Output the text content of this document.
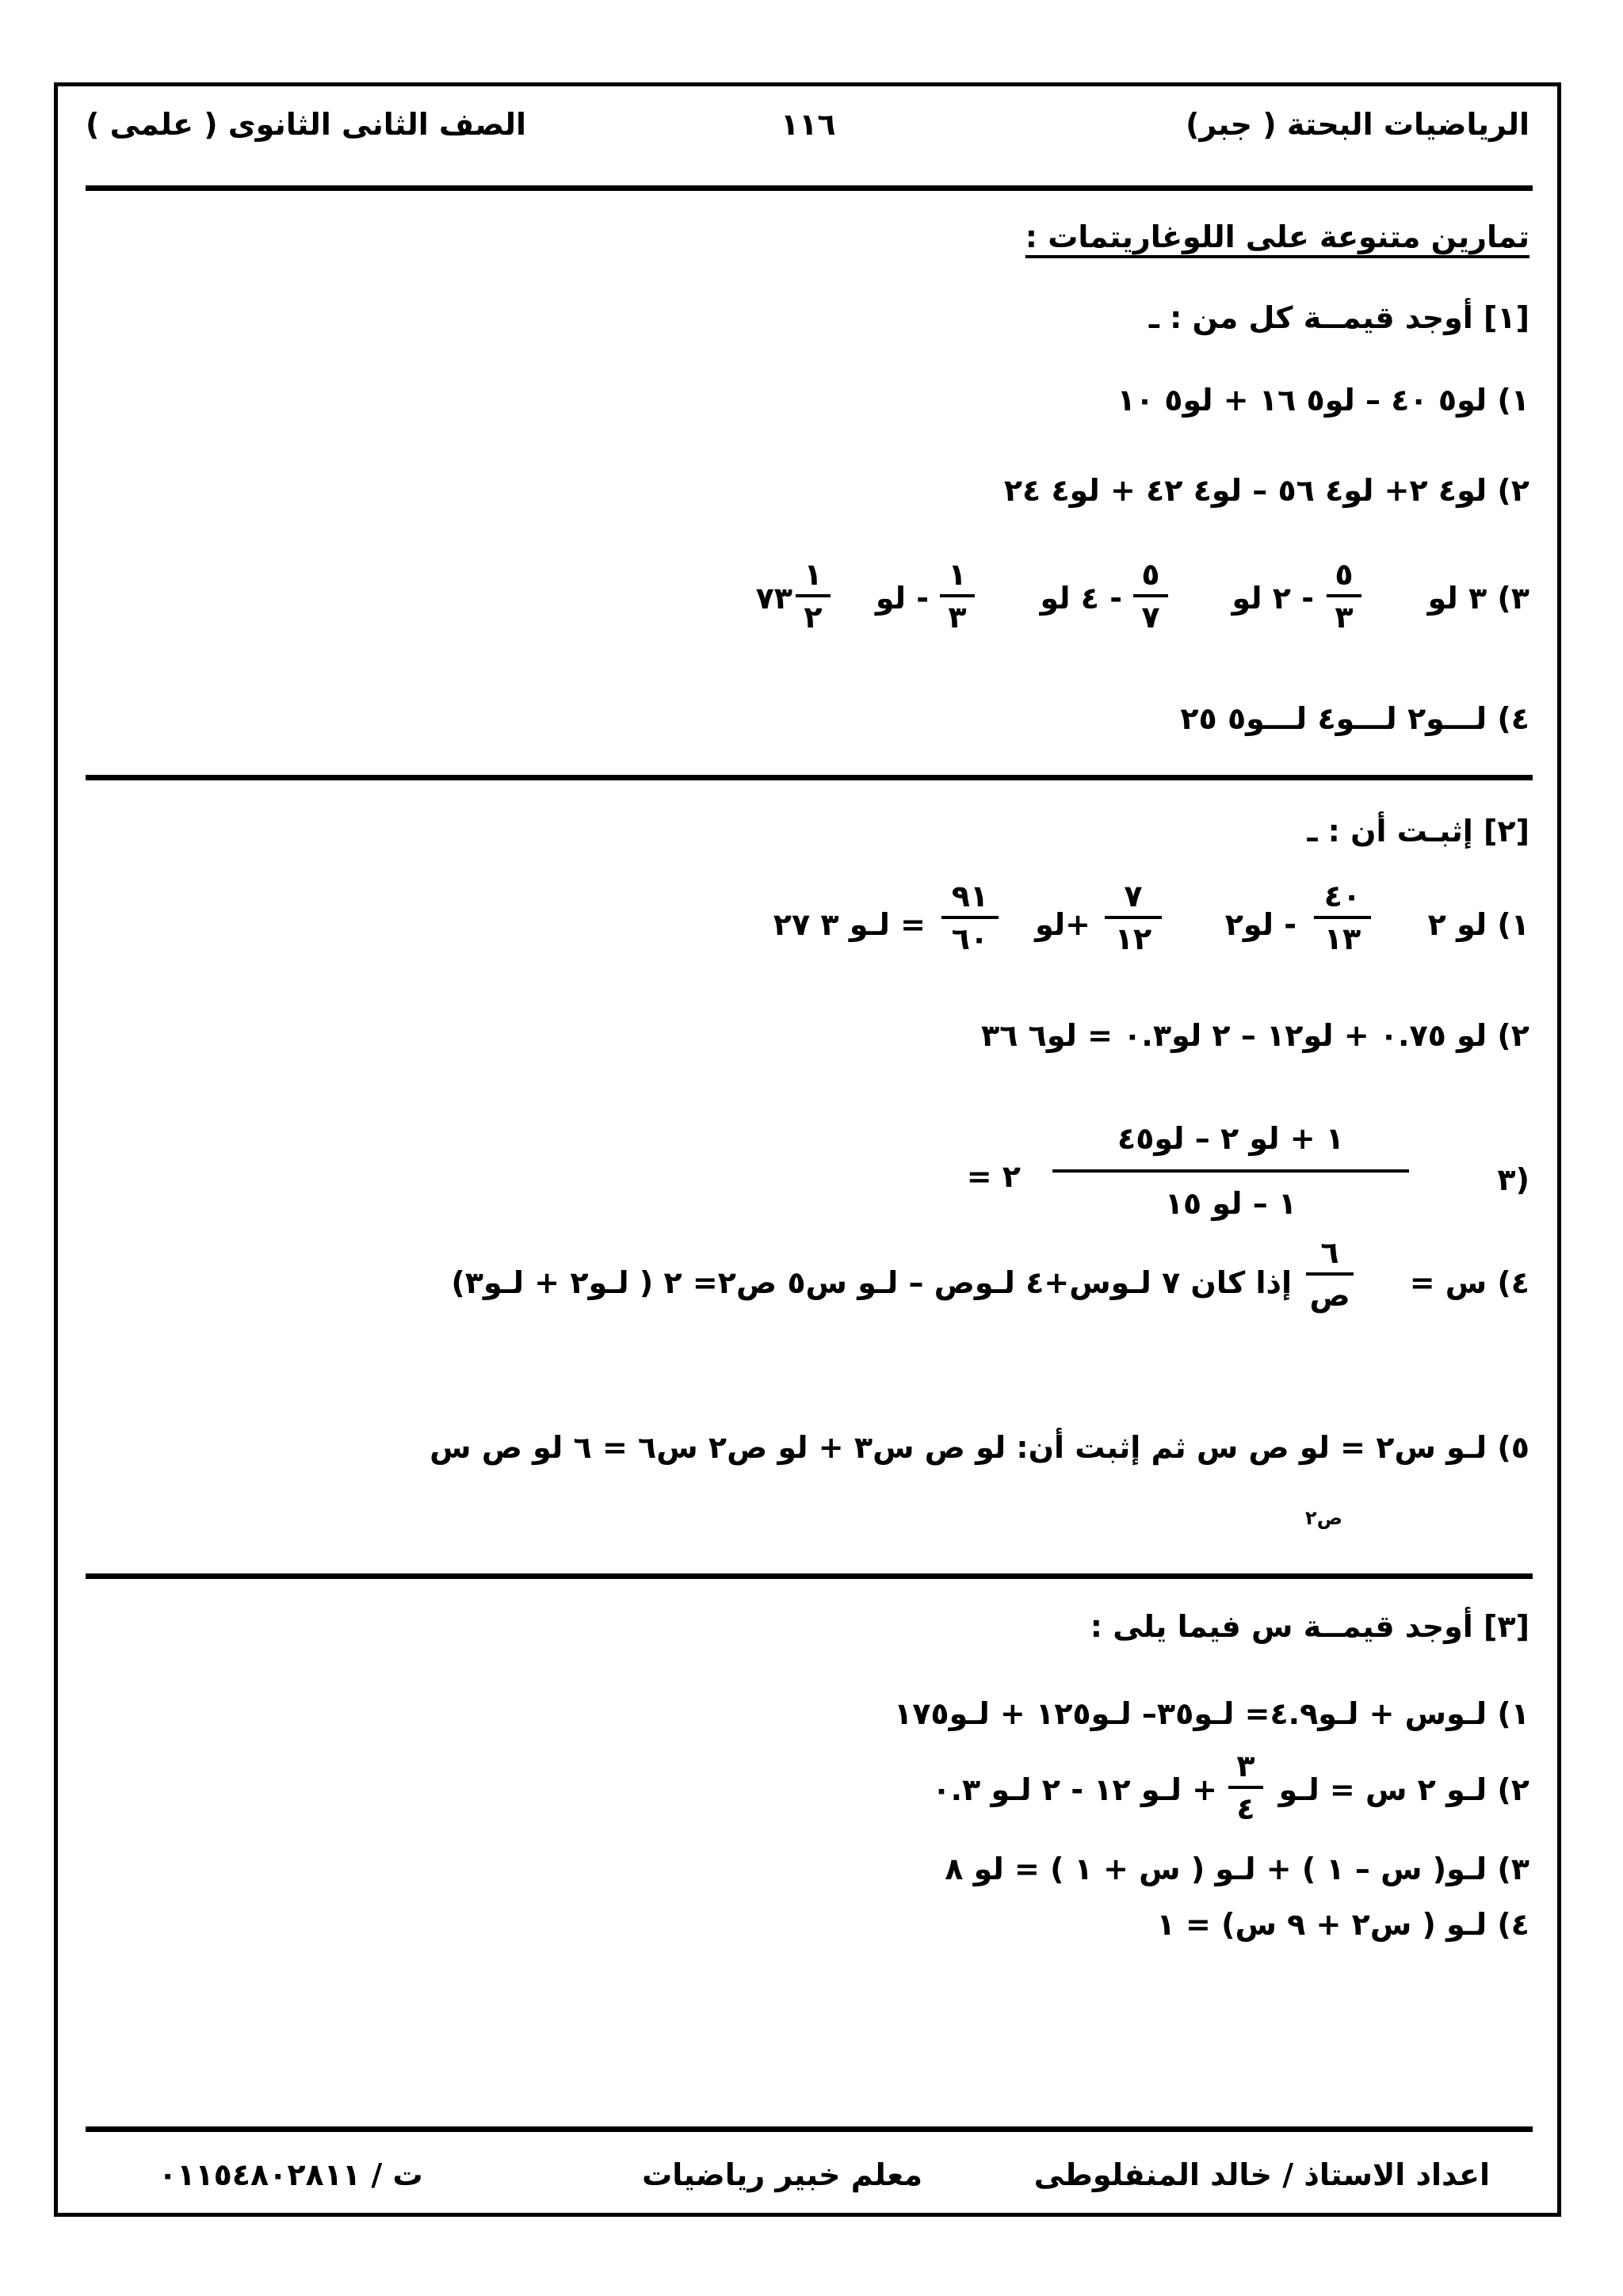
الرياضيات البحتة ( جبر)
١١٦
الصف الثانى الثانوى ( علمى )
تمارين متنوعة على اللوغاريتمات :
[١] أوجد قيمــة كل من : ـ
١) لو٥ ٤٠ – لو٥ ١٦ + لو٥ ١٠
٢) لو٤ ٢+ لو٤ ٥٦ – لو٤ ٤٢ + لو٤ ٢٤
٣) ٣ لو
٥
٣
- ٢ لو
٥
٧
- ٤ لو
١
٣
- لو
١
٢
٧٣
٤) لـــو٢ لـــو٤ لـــو٥ ٢٥
[٢] إثبـت أن : ـ
١) لو ٢
٤٠
١٣
- لو٢
٧
١٢
+لو
٩١
٦٠
= لـو ٣ ٢٧
٢) لو ٠.٧٥ + لو١٢ – ٢ لو٠.٣ = لو٦ ٣٦
٣)
١ + لو ٢ – لو٤٥
١ – لو ١٥
= ٢
٤) س =
٦
ص
إذا كان ٧ لـوس+٤ لـوص – لـو س٥ ص٢= ٢ ( لـو٢ + لـو٣)
٥) لـو س٢ = لو ص س ثم إثبت أن: لو ص س٣ + لو ص٢ س٦ = ٦ لو ص س
ص٢
[٣] أوجد قيمــة س فيما يلى :
١) لـوس + لـو٤.٩= لـو٣٥– لـو١٢٥ + لـو١٧٥
٢) لـو ٢ س = لـو
٣
٤
+ لـو ١٢ - ٢ لـو ٠.٣
٣) لـو( س – ١ ) + لـو ( س + ١ ) = لو ٨
٤) لـو ( س٢ + ٩ س) = ١
اعداد الاستاذ / خالد المنفلوطى
معلم خبير رياضيات
ت / ٠١١٥٤٨٠٢٨١١
